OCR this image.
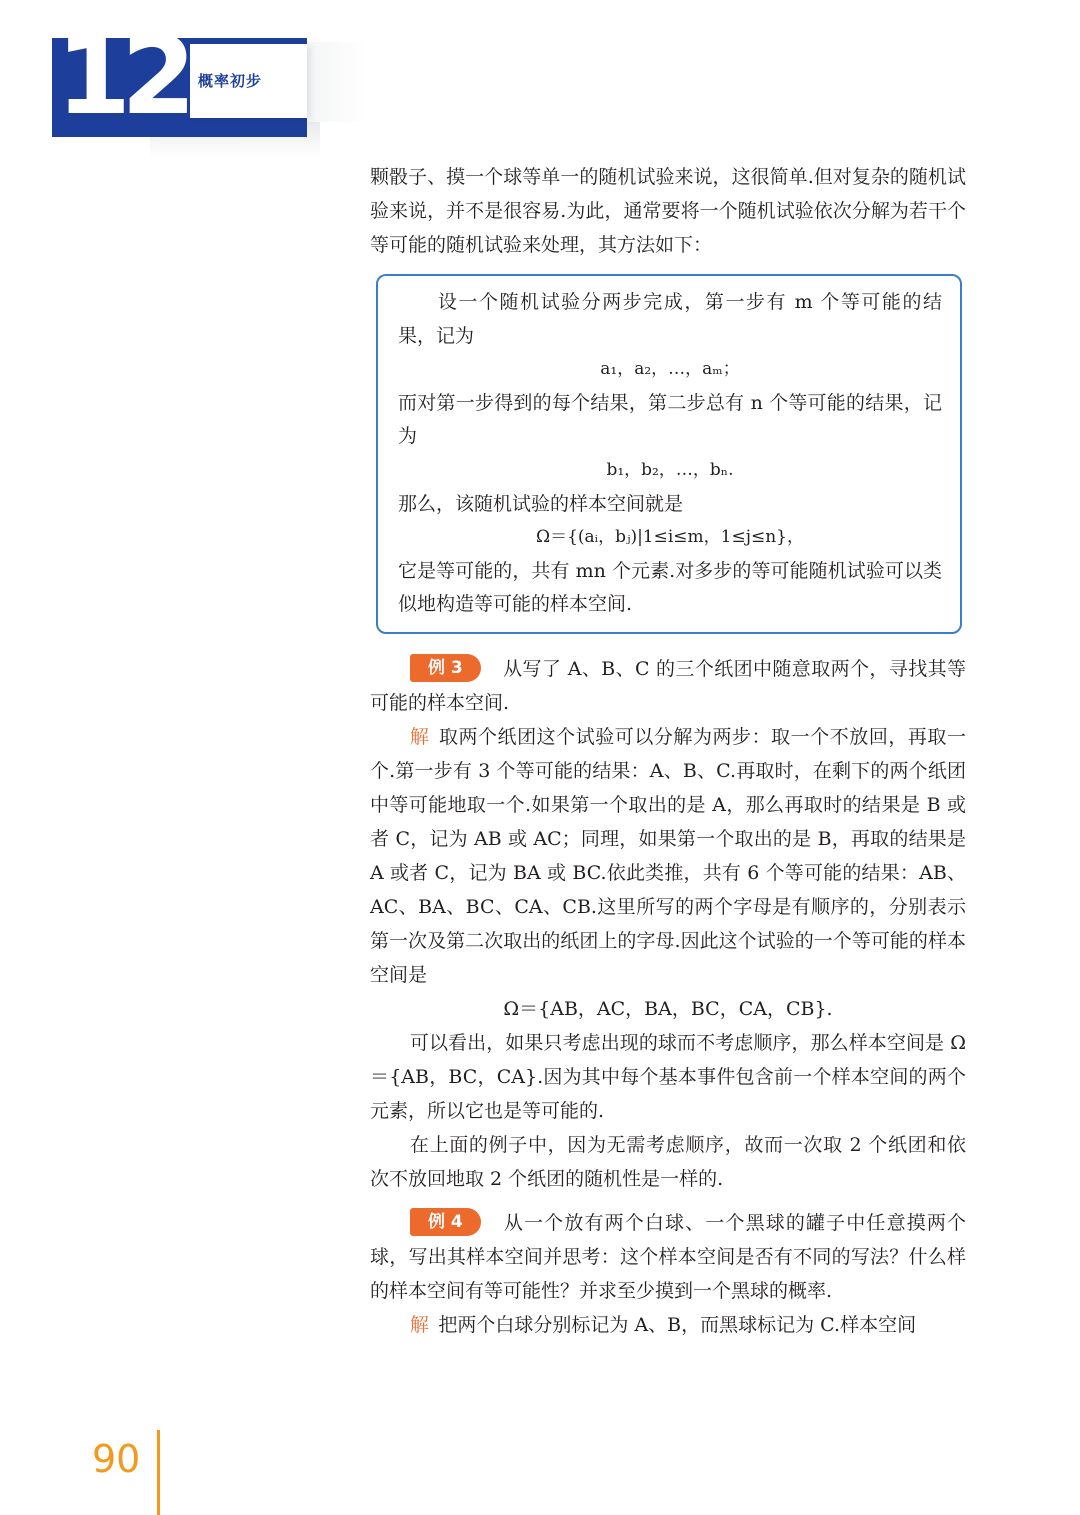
12 概率初步

颗骰子、摸一个球等单一的随机试验来说，这很简单.但对复杂的随机试验来说，并不是很容易.为此，通常要将一个随机试验依次分解为若干个等可能的随机试验来处理，其方法如下：

设一个随机试验分两步完成，第一步有 m 个等可能的结果，记为

a₁，a₂，…，aₘ；

而对第一步得到的每个结果，第二步总有 n 个等可能的结果，记为

b₁，b₂，…，bₙ.

那么，该随机试验的样本空间就是

Ω＝{(aᵢ，bⱼ)|1≤i≤m，1≤j≤n}，

它是等可能的，共有 mn 个元素.对多步的等可能随机试验可以类似地构造等可能的样本空间.

例 3 从写了 A、B、C 的三个纸团中随意取两个，寻找其等可能的样本空间.

解 取两个纸团这个试验可以分解为两步：取一个不放回，再取一个.第一步有 3 个等可能的结果：A、B、C.再取时，在剩下的两个纸团中等可能地取一个.如果第一个取出的是 A，那么再取时的结果是 B 或者 C，记为 AB 或 AC；同理，如果第一个取出的是 B，再取的结果是 A 或者 C，记为 BA 或 BC.依此类推，共有 6 个等可能的结果：AB、AC、BA、BC、CA、CB.这里所写的两个字母是有顺序的，分别表示第一次及第二次取出的纸团上的字母.因此这个试验的一个等可能的样本空间是

Ω＝{AB，AC，BA，BC，CA，CB}.

可以看出，如果只考虑出现的球而不考虑顺序，那么样本空间是 Ω＝{AB，BC，CA}.因为其中每个基本事件包含前一个样本空间的两个元素，所以它也是等可能的.

在上面的例子中，因为无需考虑顺序，故而一次取 2 个纸团和依次不放回地取 2 个纸团的随机性是一样的.

例 4 从一个放有两个白球、一个黑球的罐子中任意摸两个球，写出其样本空间并思考：这个样本空间是否有不同的写法？什么样的样本空间有等可能性？并求至少摸到一个黑球的概率.

解 把两个白球分别标记为 A、B，而黑球标记为 C.样本空间

90
